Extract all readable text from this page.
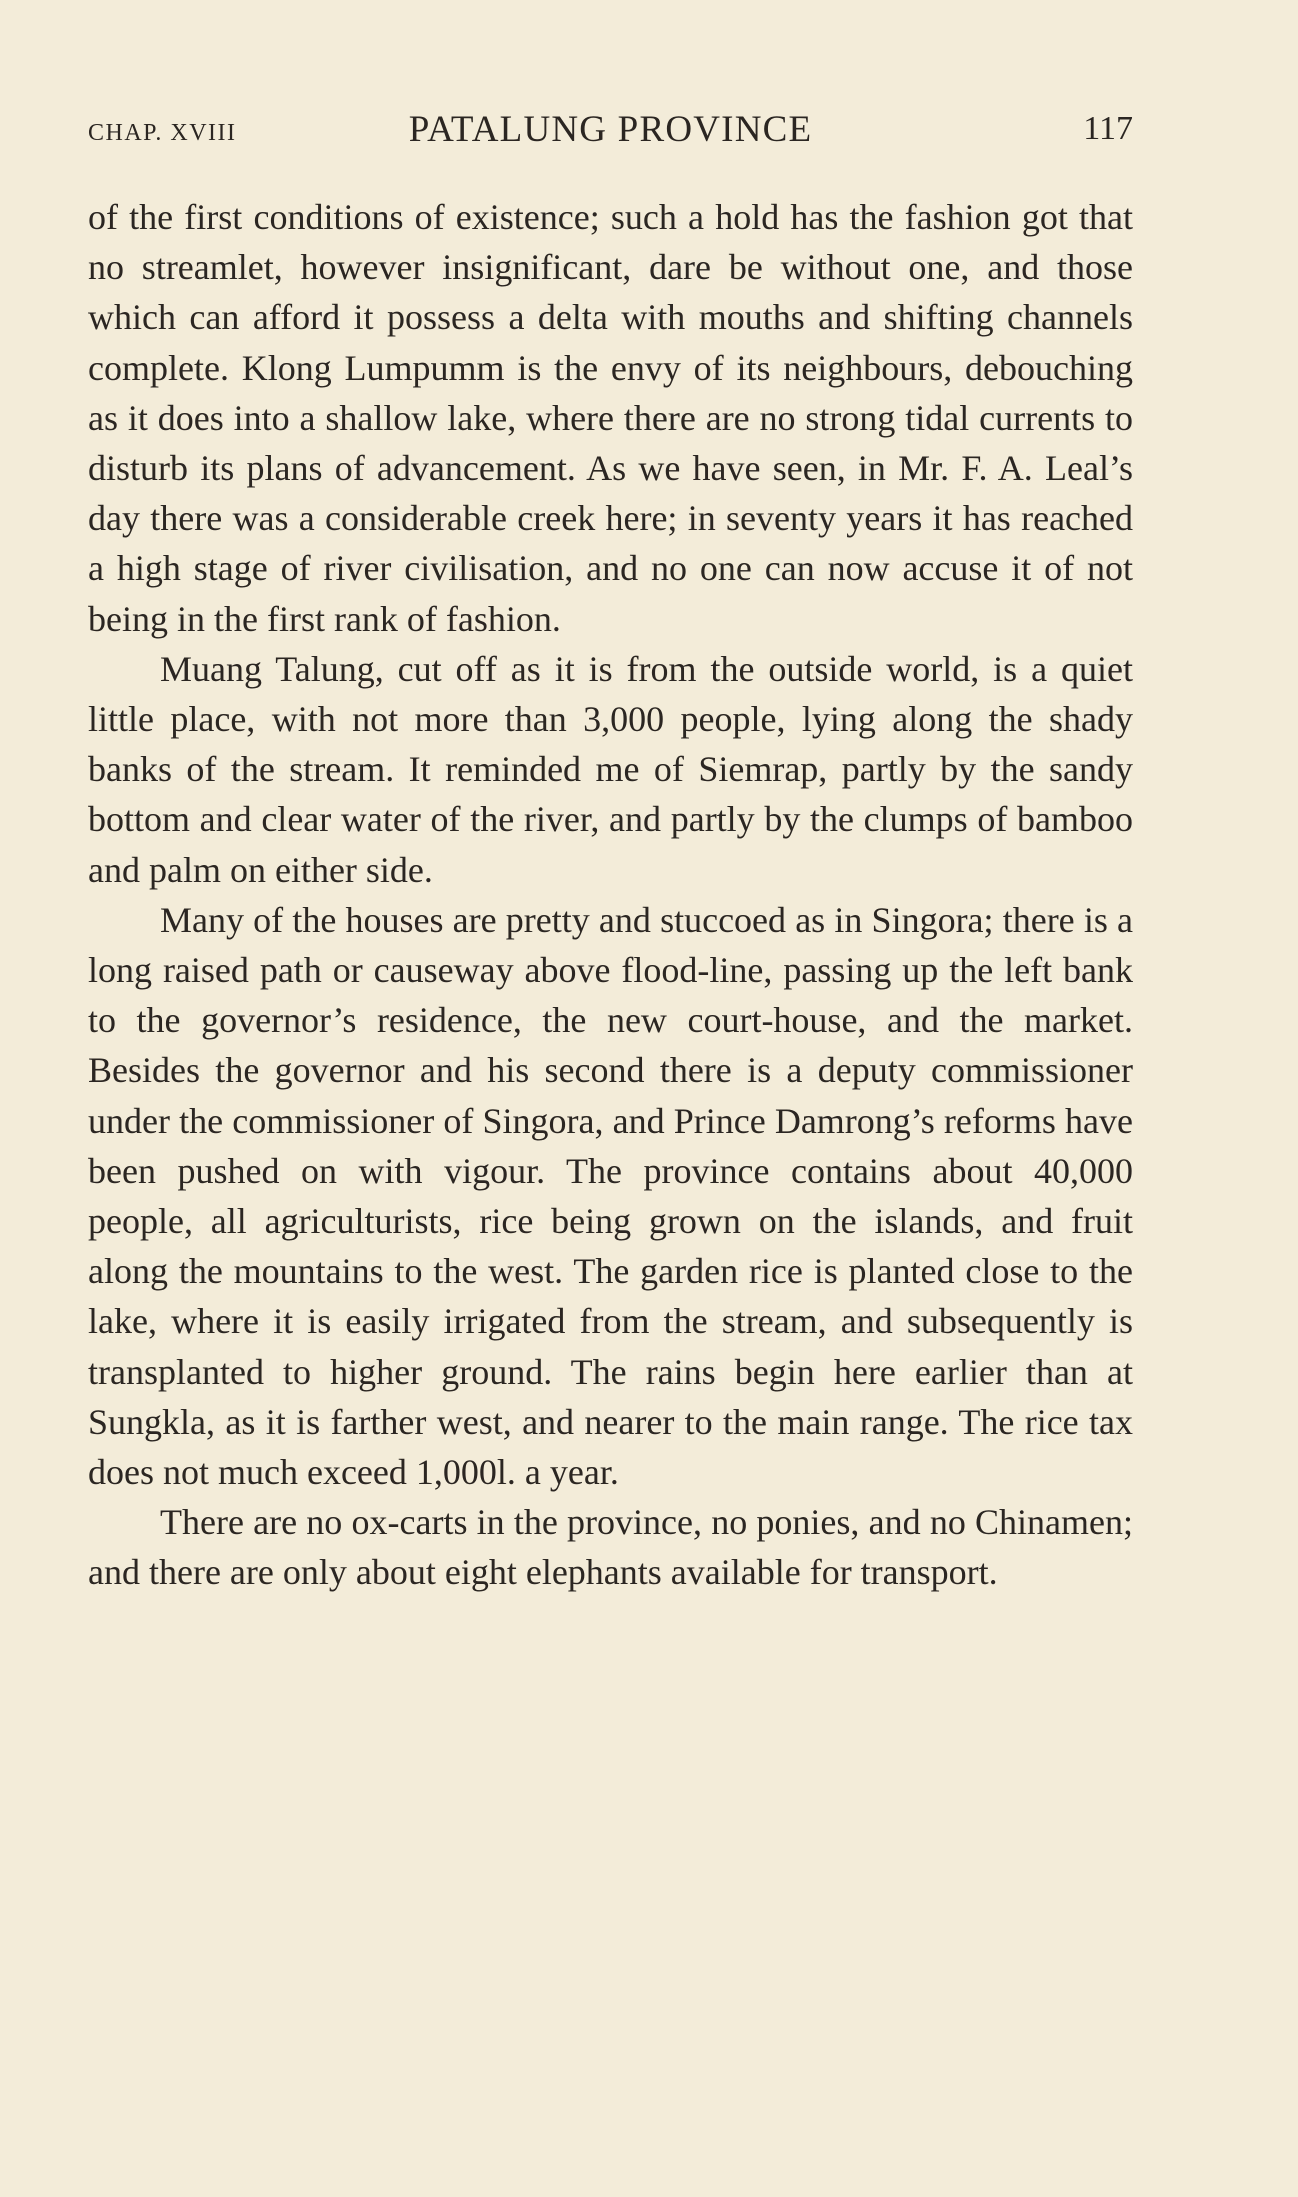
CHAP. XVIII	PATALUNG PROVINCE	117

of the first conditions of existence; such a hold has the fashion got that no streamlet, however insignificant, dare be without one, and those which can afford it possess a delta with mouths and shifting channels complete. Klong Lumpumm is the envy of its neighbours, debouching as it does into a shallow lake, where there are no strong tidal currents to disturb its plans of advancement. As we have seen, in Mr. F. A. Leal’s day there was a considerable creek here; in seventy years it has reached a high stage of river civilisation, and no one can now accuse it of not being in the first rank of fashion.

Muang Talung, cut off as it is from the outside world, is a quiet little place, with not more than 3,000 people, lying along the shady banks of the stream. It reminded me of Siemrap, partly by the sandy bottom and clear water of the river, and partly by the clumps of bamboo and palm on either side.

Many of the houses are pretty and stuccoed as in Singora; there is a long raised path or causeway above flood-line, passing up the left bank to the governor’s residence, the new court-house, and the market. Besides the governor and his second there is a deputy commissioner under the commissioner of Singora, and Prince Damrong’s reforms have been pushed on with vigour. The province contains about 40,000 people, all agriculturists, rice being grown on the islands, and fruit along the mountains to the west. The garden rice is planted close to the lake, where it is easily irrigated from the stream, and subsequently is transplanted to higher ground. The rains begin here earlier than at Sungkla, as it is farther west, and nearer to the main range. The rice tax does not much exceed 1,000l. a year.

There are no ox-carts in the province, no ponies, and no Chinamen; and there are only about eight elephants available for transport.
